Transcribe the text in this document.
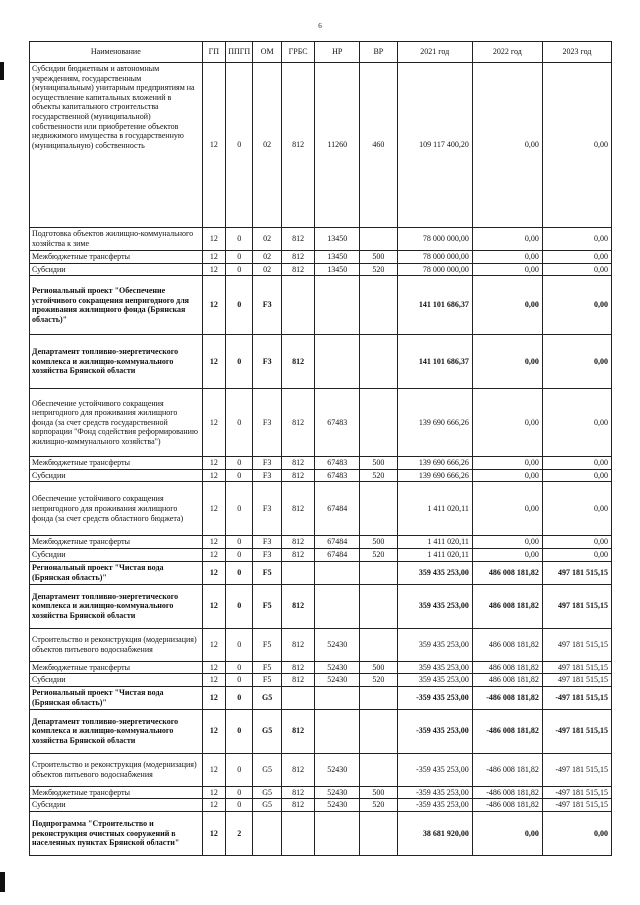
6
Наименование	ГП	ППГП	ОМ	ГРБС	НР	ВР	2021 год	2022 год	2023 год
Субсидии бюджетным и автономным учреждениям, государственным (муниципальным) унитарным предприятиям на осуществление капитальных вложений в объекты капитального строительства государственной (муниципальной) собственности или приобретение объектов недвижимого имущества в государственную (муниципальную) собственность	12	0	02	812	11260	460	109 117 400,20	0,00	0,00
Подготовка объектов жилищно-коммунального хозяйства к зиме	12	0	02	812	13450		78 000 000,00	0,00	0,00
Межбюджетные трансферты	12	0	02	812	13450	500	78 000 000,00	0,00	0,00
Субсидии	12	0	02	812	13450	520	78 000 000,00	0,00	0,00
Региональный проект "Обеспечение устойчивого сокращения непригодного для проживания жилищного фонда (Брянская область)"	12	0	F3				141 101 686,37	0,00	0,00
Департамент топливно-энергетического комплекса и жилищно-коммунального хозяйства Брянской области	12	0	F3	812			141 101 686,37	0,00	0,00
Обеспечение устойчивого сокращения непригодного для проживания жилищного фонда (за счет средств государственной корпорации "Фонд содействия реформированию жилищно-коммунального хозяйства")	12	0	F3	812	67483		139 690 666,26	0,00	0,00
Межбюджетные трансферты	12	0	F3	812	67483	500	139 690 666,26	0,00	0,00
Субсидии	12	0	F3	812	67483	520	139 690 666,26	0,00	0,00
Обеспечение устойчивого сокращения непригодного для проживания жилищного фонда (за счет средств областного бюджета)	12	0	F3	812	67484		1 411 020,11	0,00	0,00
Межбюджетные трансферты	12	0	F3	812	67484	500	1 411 020,11	0,00	0,00
Субсидии	12	0	F3	812	67484	520	1 411 020,11	0,00	0,00
Региональный проект "Чистая вода (Брянская область)"	12	0	F5				359 435 253,00	486 008 181,82	497 181 515,15
Департамент топливно-энергетического комплекса и жилищно-коммунального хозяйства Брянской области	12	0	F5	812			359 435 253,00	486 008 181,82	497 181 515,15
Строительство и реконструкция (модернизация) объектов питьевого водоснабжения	12	0	F5	812	52430		359 435 253,00	486 008 181,82	497 181 515,15
Межбюджетные трансферты	12	0	F5	812	52430	500	359 435 253,00	486 008 181,82	497 181 515,15
Субсидии	12	0	F5	812	52430	520	359 435 253,00	486 008 181,82	497 181 515,15
Региональный проект "Чистая вода (Брянская область)"	12	0	G5				-359 435 253,00	-486 008 181,82	-497 181 515,15
Департамент топливно-энергетического комплекса и жилищно-коммунального хозяйства Брянской области	12	0	G5	812			-359 435 253,00	-486 008 181,82	-497 181 515,15
Строительство и реконструкция (модернизация) объектов питьевого водоснабжения	12	0	G5	812	52430		-359 435 253,00	-486 008 181,82	-497 181 515,15
Межбюджетные трансферты	12	0	G5	812	52430	500	-359 435 253,00	-486 008 181,82	-497 181 515,15
Субсидии	12	0	G5	812	52430	520	-359 435 253,00	-486 008 181,82	-497 181 515,15
Подпрограмма "Строительство и реконструкция очистных сооружений в населенных пунктах Брянской области"	12	2					38 681 920,00	0,00	0,00
